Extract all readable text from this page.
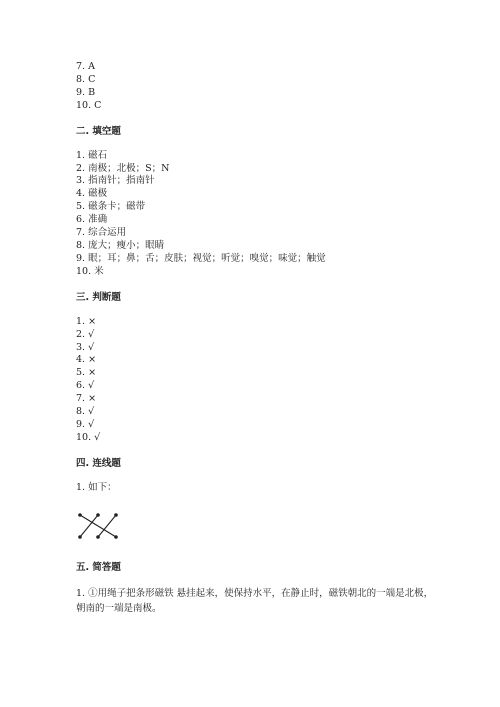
7. A
8. C
9. B
10. C
二. 填空题
1. 磁石
2. 南极；北极；S；N
3. 指南针；指南针
4. 磁极
5. 磁条卡；磁带
6. 准确
7. 综合运用
8. 庞大；瘦小；眼睛
9. 眼；耳；鼻；舌；皮肤；视觉；听觉；嗅觉；味觉；触觉
10. 米
三. 判断题
1. ×
2. √
3. √
4. ×
5. ×
6. √
7. ×
8. √
9. √
10. √
四. 连线题
1. 如下：
五. 简答题
1. ①用绳子把条形磁铁 悬挂起来，使保持水平，在静止时，磁铁朝北的一端是北极，朝南的一端是南极。
